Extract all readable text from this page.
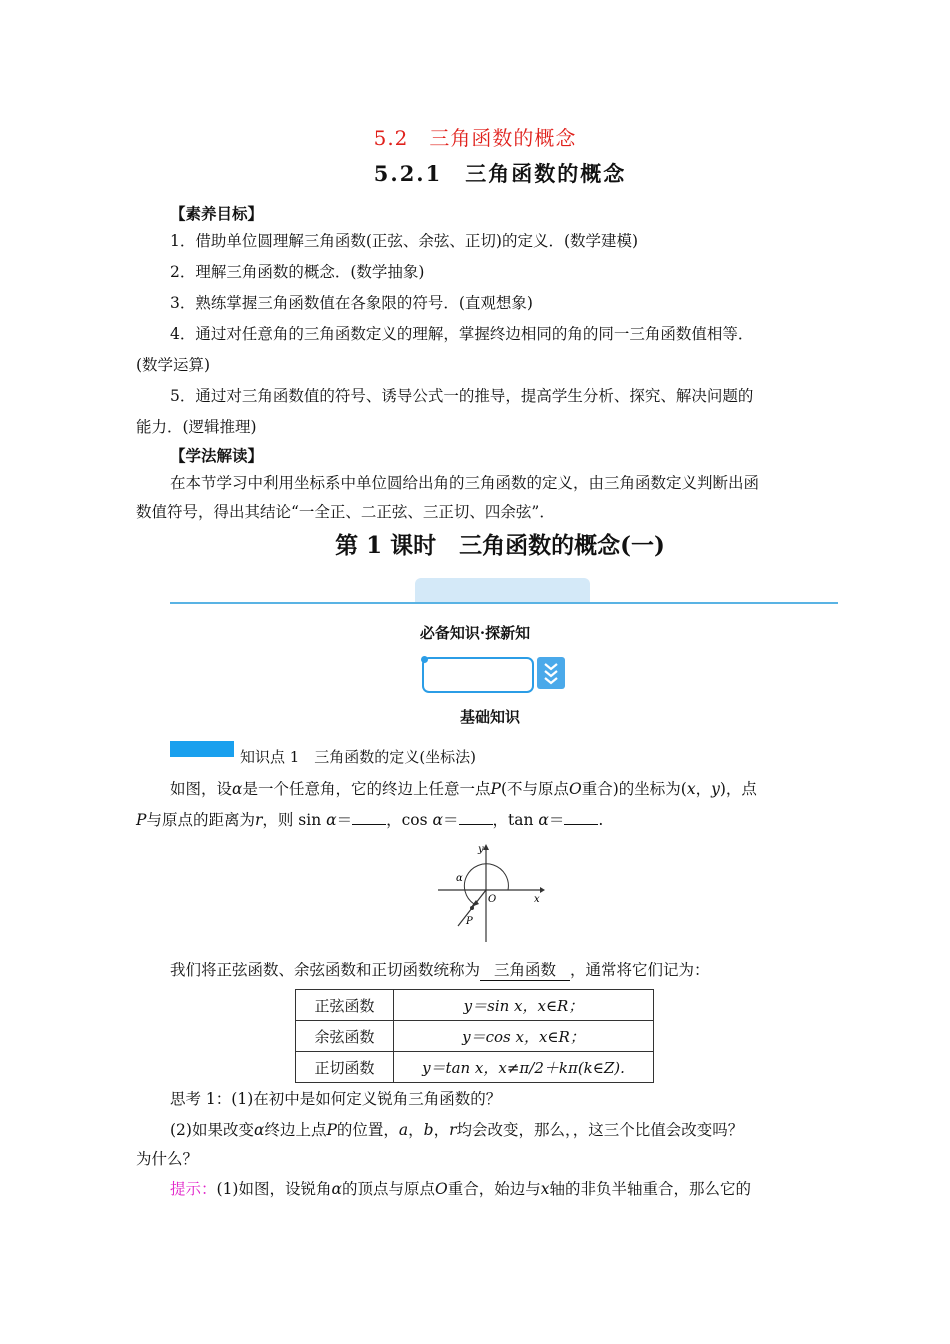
5.2　三角函数的概念
5.2.1　三角函数的概念
【素养目标】
1．借助单位圆理解三角函数(正弦、余弦、正切)的定义．(数学建模)
2．理解三角函数的概念．(数学抽象)
3．熟练掌握三角函数值在各象限的符号．(直观想象)
4．通过对任意角的三角函数定义的理解，掌握终边相同的角的同一三角函数值相等．
(数学运算)
5．通过对三角函数值的符号、诱导公式一的推导，提高学生分析、探究、解决问题的
能力．(逻辑推理)
【学法解读】
在本节学习中利用坐标系中单位圆给出角的三角函数的定义，由三角函数定义判断出函
数值符号，得出其结论“一全正、二正弦、三正切、四余弦”．
第 1 课时　三角函数的概念(一)
必备知识·探新知
基础知识
知识点 1　三角函数的定义(坐标法)
如图，设α是一个任意角，它的终边上任意一点P(不与原点O重合)的坐标为(x，y)，点
P与原点的距离为r，则 sin α＝ ，cos α＝ ，tan α＝ .
y
x
O
α
P
我们将正弦函数、余弦函数和正切函数统称为 三角函数 ，通常将它们记为：
正弦函数	y＝sin x，x∈R；
余弦函数	y＝cos x，x∈R；
正切函数	y＝tan x，x≠π/2＋kπ(k∈Z).
思考 1：(1)在初中是如何定义锐角三角函数的？
(2)如果改变α终边上点P的位置，a，b，r均会改变，那么，，这三个比值会改变吗？
为什么？
提示：(1)如图，设锐角α的顶点与原点O重合，始边与x轴的非负半轴重合，那么它的
